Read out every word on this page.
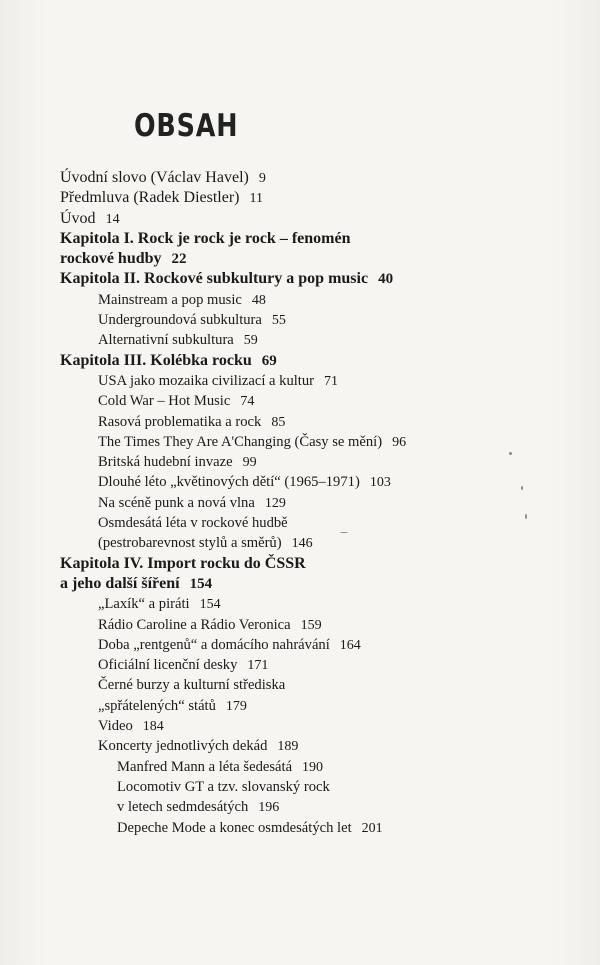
OBSAH
Úvodní slovo (Václav Havel) 9
Předmluva (Radek Diestler) 11
Úvod 14
Kapitola I. Rock je rock je rock – fenomén
rockové hudby 22
Kapitola II. Rockové subkultury a pop music 40
Mainstream a pop music 48
Undergroundová subkultura 55
Alternativní subkultura 59
Kapitola III. Kolébka rocku 69
USA jako mozaika civilizací a kultur 71
Cold War – Hot Music 74
Rasová problematika a rock 85
The Times They Are A'Changing (Časy se mění) 96
Britská hudební invaze 99
Dlouhé léto „květinových dětí“ (1965–1971) 103
Na scéně punk a nová vlna 129
Osmdesátá léta v rockové hudbě
(pestrobarevnost stylů a směrů) 146
Kapitola IV. Import rocku do ČSSR
a jeho další šíření 154
„Laxík“ a piráti 154
Rádio Caroline a Rádio Veronica 159
Doba „rentgenů“ a domácího nahrávání 164
Oficiální licenční desky 171
Černé burzy a kulturní střediska
„spřátelených“ států 179
Video 184
Koncerty jednotlivých dekád 189
Manfred Mann a léta šedesátá 190
Locomotiv GT a tzv. slovanský rock
v letech sedmdesátých 196
Depeche Mode a konec osmdesátých let 201
